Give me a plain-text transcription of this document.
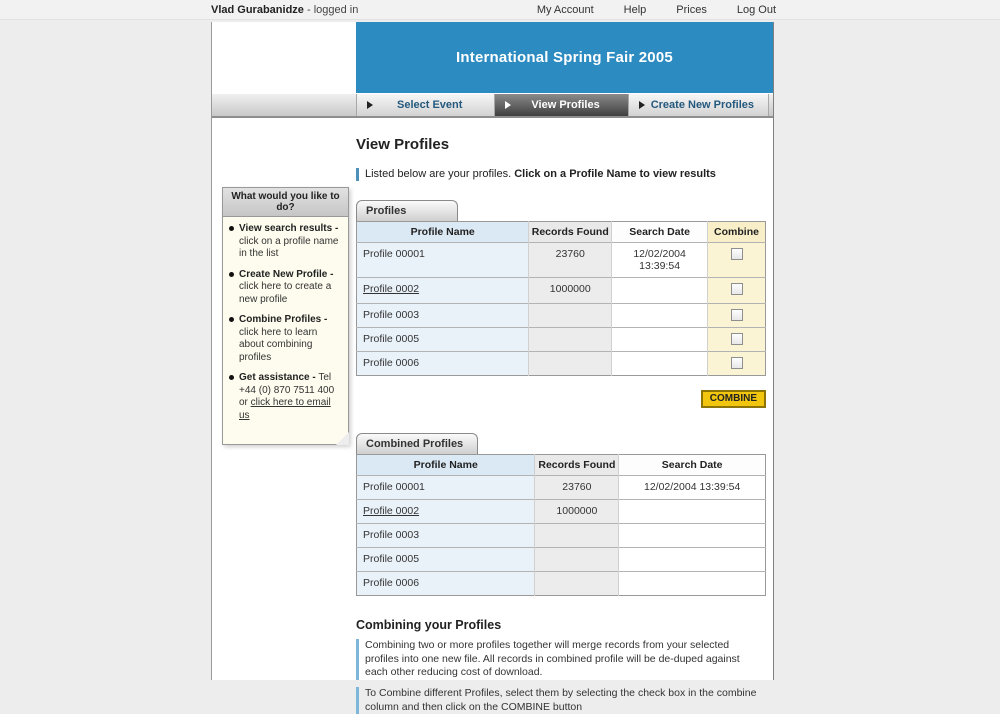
Vlad Gurabanidze - logged in	My Account	Help	Prices	Log Out
International Spring Fair 2005
Select Event	View Profiles	Create New Profiles
What would you like to do?
View search results - click on a profile name in the list
Create New Profile - click here to create a new profile
Combine Profiles - click here to learn about combining profiles
Get assistance - Tel +44 (0) 870 7511 400 or click here to email us
View Profiles
Listed below are your profiles. Click on a Profile Name to view results
Profiles
Profile Name	Records Found	Search Date	Combine
Profile 00001	23760	12/02/2004 13:39:54	
Profile 0002	1000000		
Profile 0003			
Profile 0005			
Profile 0006			
COMBINE
Combined Profiles
Profile Name	Records Found	Search Date
Profile 00001	23760	12/02/2004 13:39:54
Profile 0002	1000000	
Profile 0003		
Profile 0005		
Profile 0006		
Combining your Profiles

Combining two or more profiles together will merge records from your selected profiles into one new file. All records in combined profile will be de-duped against each other reducing cost of download.

To Combine different Profiles, select them by selecting the check box in the combine column and then click on the COMBINE button
